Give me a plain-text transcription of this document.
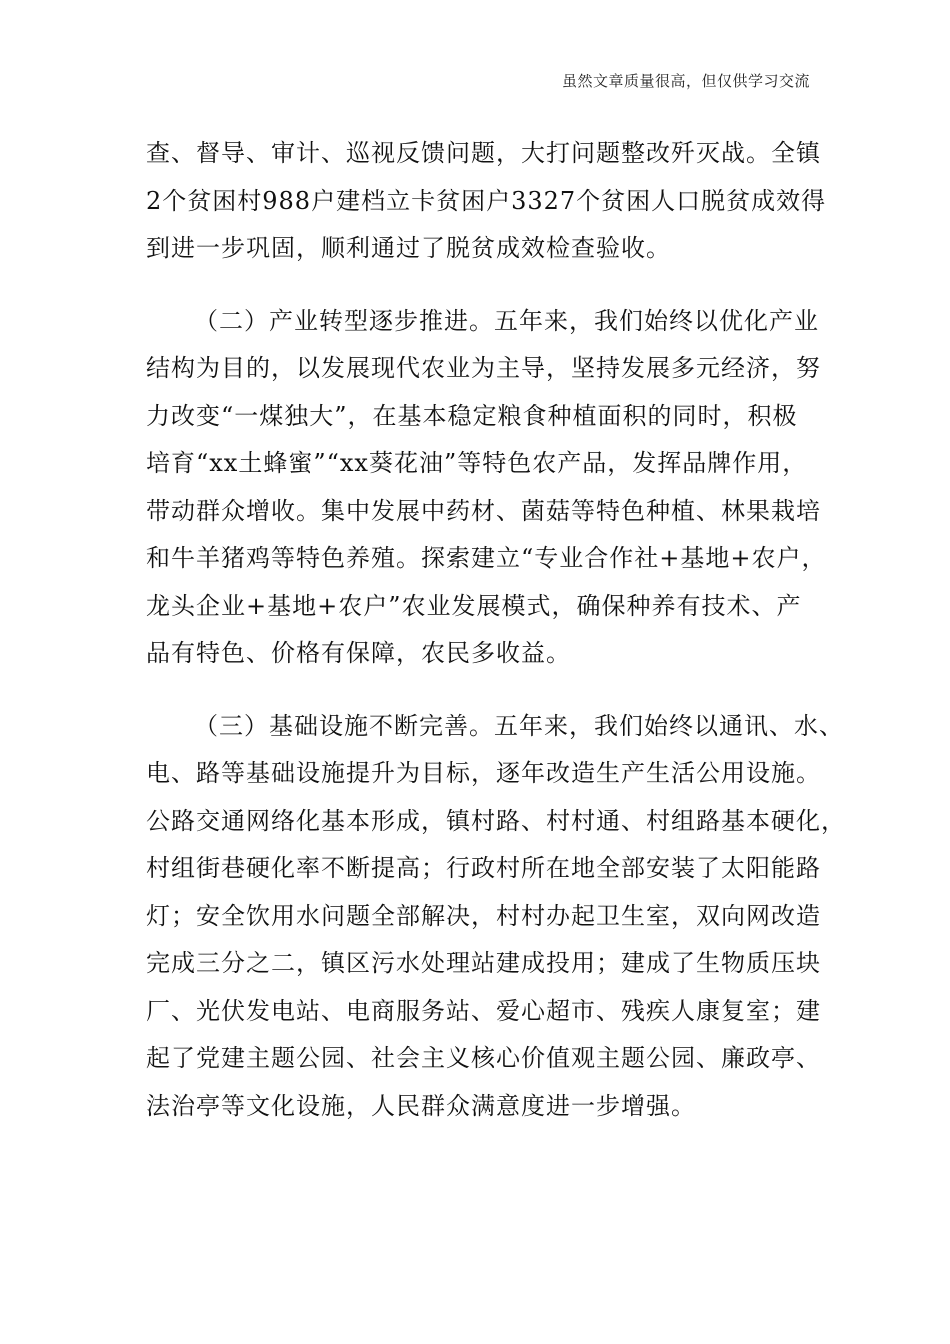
虽然文章质量很高，但仅供学习交流
查、督导、审计、巡视反馈问题，大打问题整改歼灭战。全镇
2个贫困村988户建档立卡贫困户3327个贫困人口脱贫成效得
到进一步巩固，顺利通过了脱贫成效检查验收。
（二）产业转型逐步推进。五年来，我们始终以优化产业
结构为目的，以发展现代农业为主导，坚持发展多元经济，努
力改变“一煤独大”，在基本稳定粮食种植面积的同时，积极
培育“xx土蜂蜜”“xx葵花油”等特色农产品，发挥品牌作用，
带动群众增收。集中发展中药材、菌菇等特色种植、林果栽培
和牛羊猪鸡等特色养殖。探索建立“专业合作社+基地+农户，
龙头企业+基地+农户”农业发展模式，确保种养有技术、产
品有特色、价格有保障，农民多收益。
（三）基础设施不断完善。五年来，我们始终以通讯、水、
电、路等基础设施提升为目标，逐年改造生产生活公用设施。
公路交通网络化基本形成，镇村路、村村通、村组路基本硬化，
村组街巷硬化率不断提高；行政村所在地全部安装了太阳能路
灯；安全饮用水问题全部解决，村村办起卫生室，双向网改造
完成三分之二，镇区污水处理站建成投用；建成了生物质压块
厂、光伏发电站、电商服务站、爱心超市、残疾人康复室；建
起了党建主题公园、社会主义核心价值观主题公园、廉政亭、
法治亭等文化设施，人民群众满意度进一步增强。
